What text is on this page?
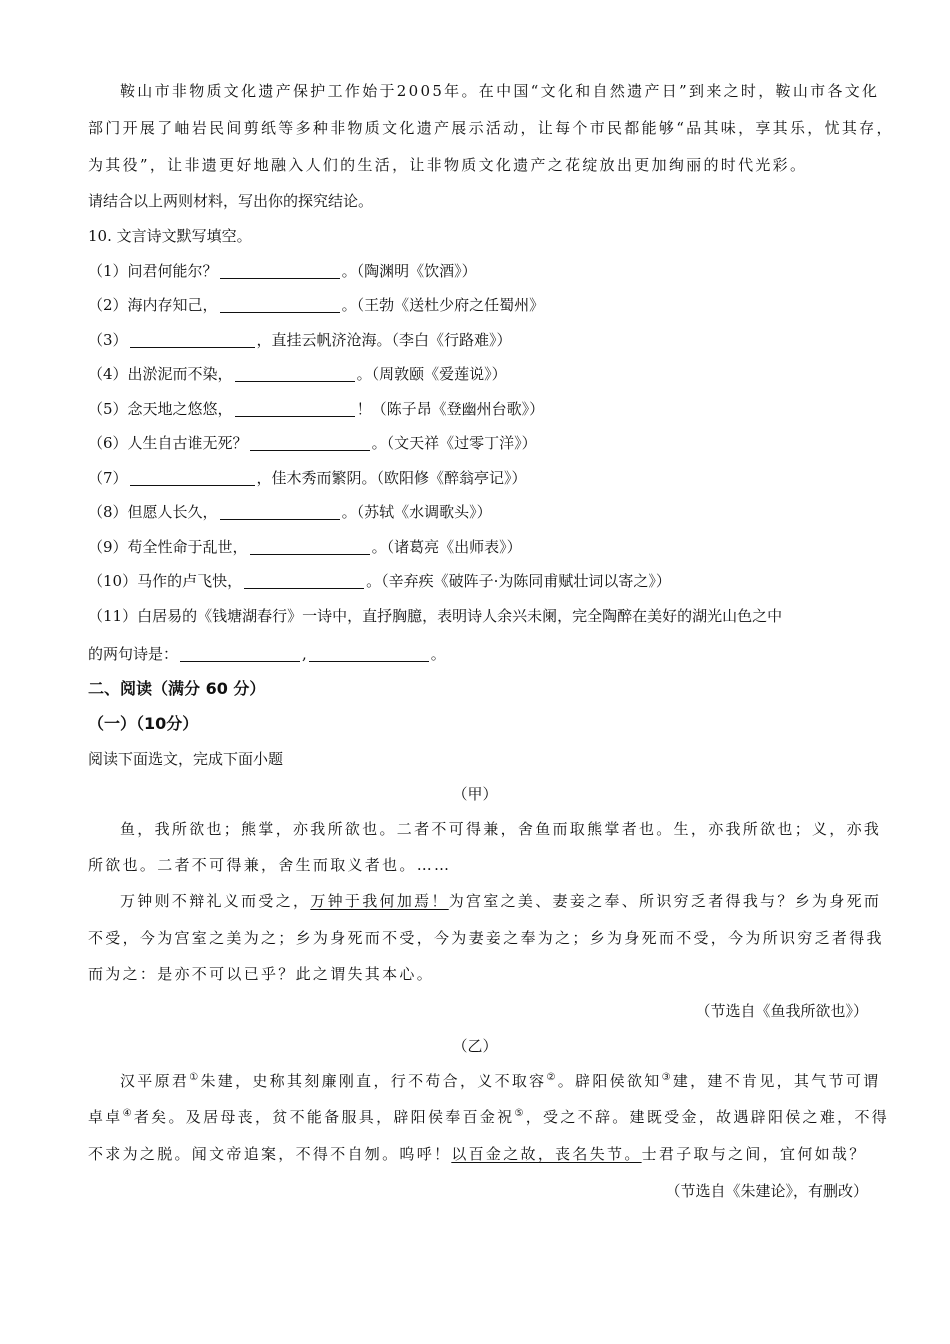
鞍山市非物质文化遗产保护工作始于2005年。在中国“文化和自然遗产日”到来之时，鞍山市各文化
部门开展了岫岩民间剪纸等多种非物质文化遗产展示活动，让每个市民都能够“品其味，享其乐，忧其存，
为其役”，让非遗更好地融入人们的生活，让非物质文化遗产之花绽放出更加绚丽的时代光彩。
请结合以上两则材料，写出你的探究结论。
10. 文言诗文默写填空。
（1）问君何能尔？	。（陶渊明《饮酒》）
（2）海内存知己，	。（王勃《送杜少府之任蜀州》
（3）	，直挂云帆济沧海。（李白《行路难》）
（4）出淤泥而不染，	。（周敦颐《爱莲说》）
（5）念天地之悠悠，	！（陈子昂《登幽州台歌》）
（6）人生自古谁无死？	。（文天祥《过零丁洋》）
（7）	，佳木秀而繁阴。（欧阳修《醉翁亭记》）
（8）但愿人长久，	。（苏轼《水调歌头》）
（9）苟全性命于乱世，	。（诸葛亮《出师表》）
（10）马作的卢飞快，	。（辛弃疾《破阵子·为陈同甫赋壮词以寄之》）
（11）白居易的《钱塘湖春行》一诗中，直抒胸臆，表明诗人余兴未阑，完全陶醉在美好的湖光山色之中
的两句诗是：	,	。
二、阅读（满分 60 分）
（一）（10分）
阅读下面选文，完成下面小题
（甲）
鱼，我所欲也；熊掌，亦我所欲也。二者不可得兼，舍鱼而取熊掌者也。生，亦我所欲也；义，亦我
所欲也。二者不可得兼，舍生而取义者也。……
万钟则不辩礼义而受之，万钟于我何加焉！为宫室之美、妻妾之奉、所识穷乏者得我与？乡为身死而
不受，今为宫室之美为之；乡为身死而不受，今为妻妾之奉为之；乡为身死而不受，今为所识穷乏者得我
而为之：是亦不可以已乎？此之谓失其本心。
（节选自《鱼我所欲也》）
（乙）
汉平原君①朱建，史称其刻廉刚直，行不苟合，义不取容②。辟阳侯欲知③建，建不肯见，其气节可谓
卓卓④者矣。及居母丧，贫不能备服具，辟阳侯奉百金祝⑤，受之不辞。建既受金，故遇辟阳侯之难，不得
不求为之脱。闻文帝追案，不得不自刎。呜呼！以百金之故，丧名失节。士君子取与之间，宜何如哉？
（节选自《朱建论》，有删改）
